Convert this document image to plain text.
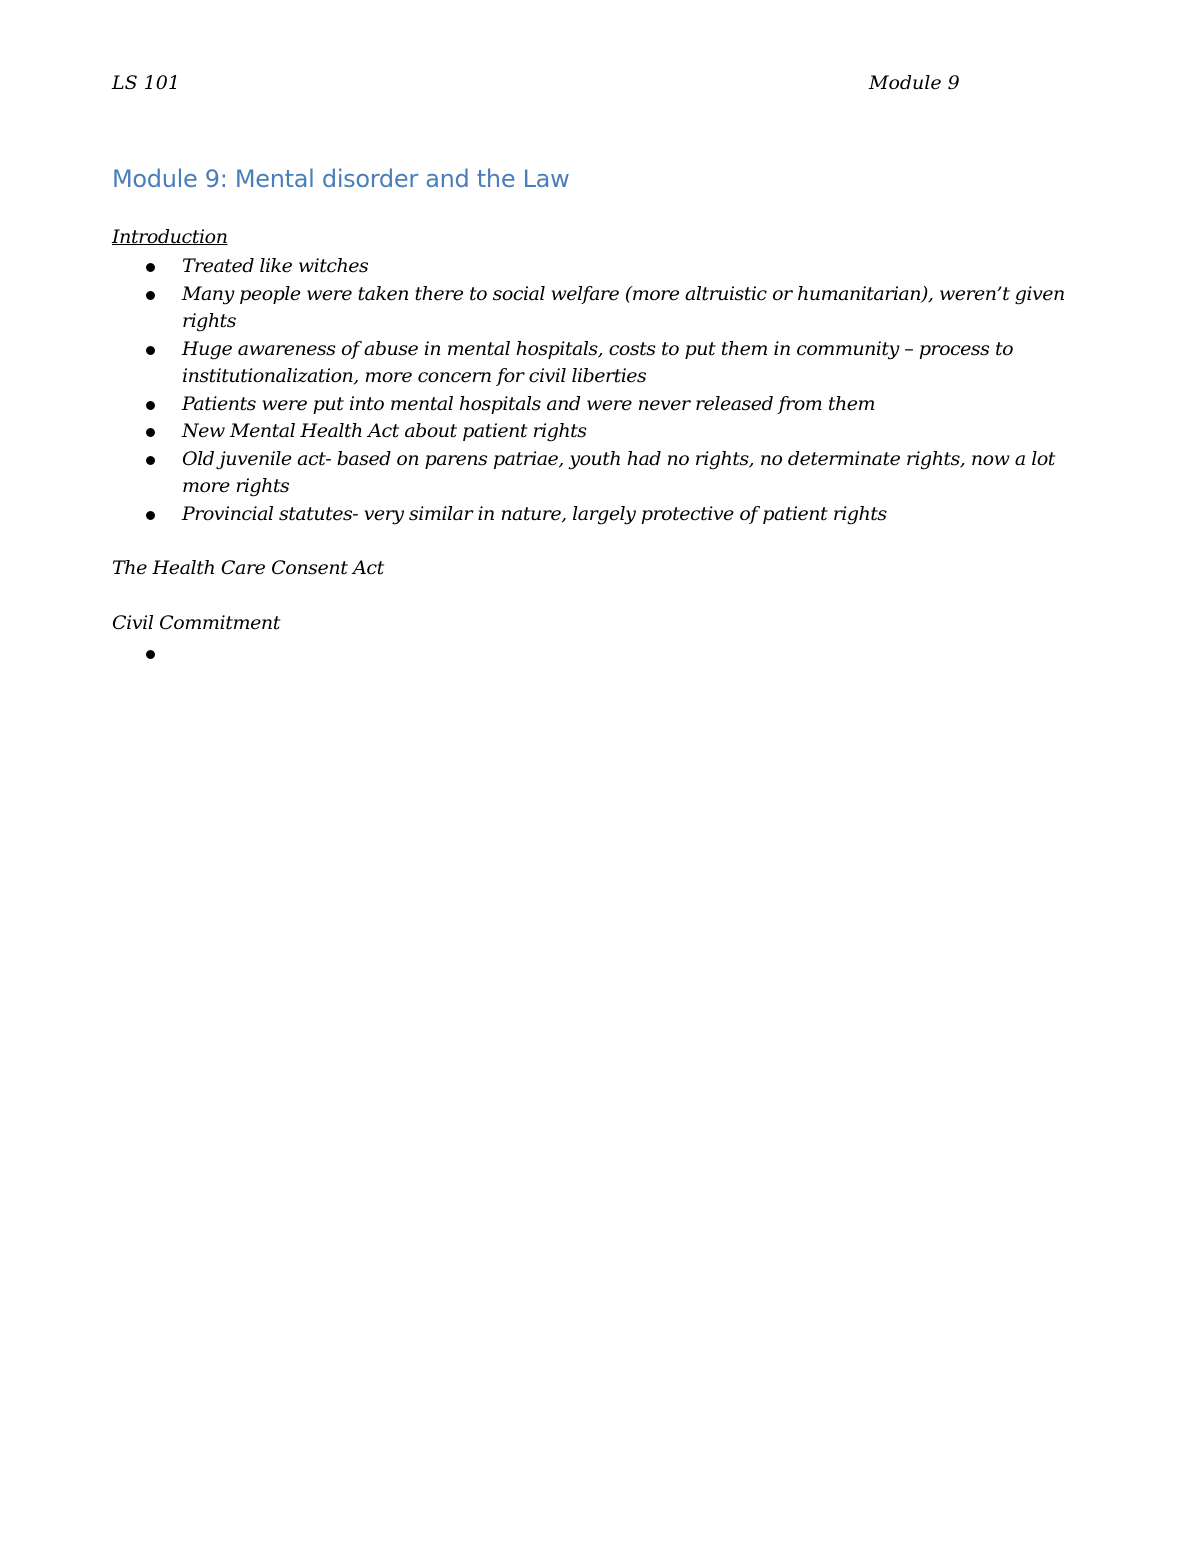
LS 101	Module 9
Module 9: Mental disorder and the Law
Introduction
Treated like witches
Many people were taken there to social welfare (more altruistic or humanitarian), weren’t given rights
Huge awareness of abuse in mental hospitals, costs to put them in community – process to institutionalization, more concern for civil liberties
Patients were put into mental hospitals and were never released from them
New Mental Health Act about patient rights
Old juvenile act- based on parens patriae, youth had no rights, no determinate rights, now a lot more rights
Provincial statutes- very similar in nature, largely protective of patient rights
The Health Care Consent Act
Civil Commitment
